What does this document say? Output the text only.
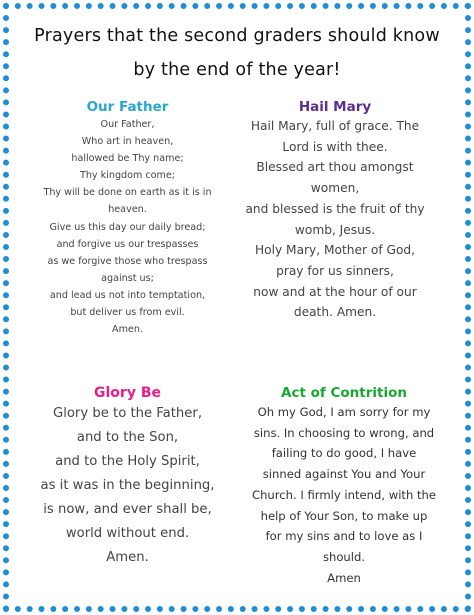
Prayers that the second graders should know
by the end of the year!
Our Father
Our Father,
Who art in heaven,
hallowed be Thy name;
Thy kingdom come;
Thy will be done on earth as it is in
heaven.
Give us this day our daily bread;
and forgive us our trespasses
as we forgive those who trespass
against us;
and lead us not into temptation,
but deliver us from evil.
Amen.
Hail Mary
Hail Mary, full of grace. The
Lord is with thee.
Blessed art thou amongst
women,
and blessed is the fruit of thy
womb, Jesus.
Holy Mary, Mother of God,
pray for us sinners,
now and at the hour of our
death. Amen.
Glory Be
Glory be to the Father,
and to the Son,
and to the Holy Spirit,
as it was in the beginning,
is now, and ever shall be,
world without end.
Amen.
Act of Contrition
Oh my God, I am sorry for my
sins. In choosing to wrong, and
failing to do good, I have
sinned against You and Your
Church. I firmly intend, with the
help of Your Son, to make up
for my sins and to love as I
should.
Amen
